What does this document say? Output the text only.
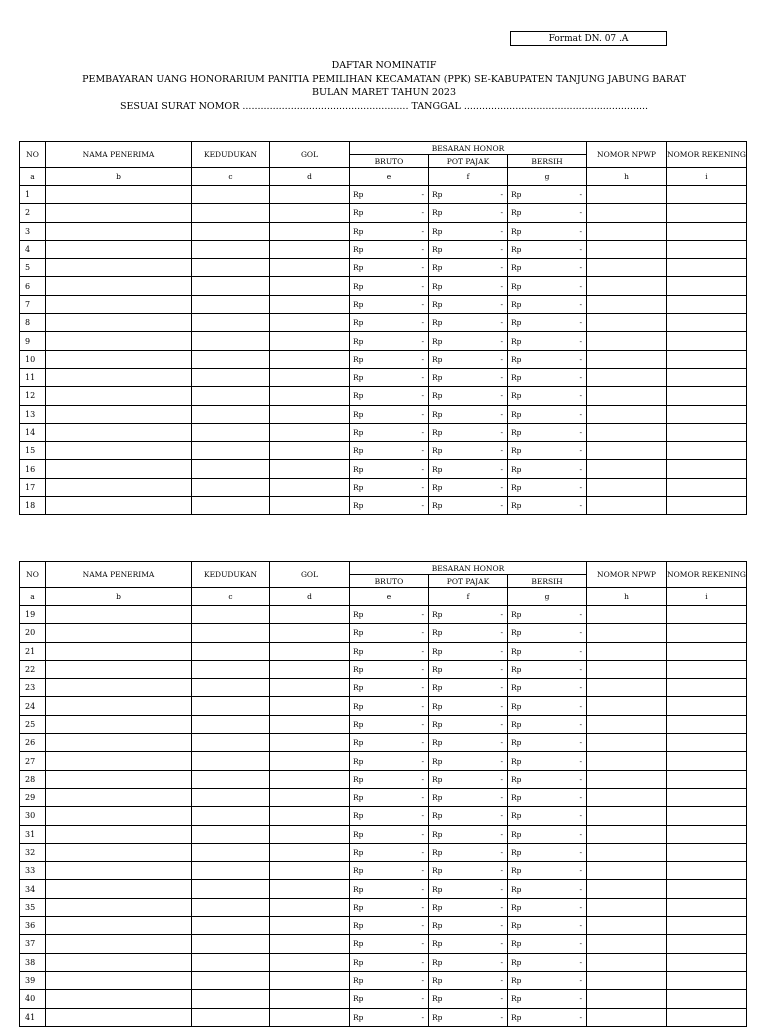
Format DN. 07 .A
DAFTAR NOMINATIF
PEMBAYARAN UANG HONORARIUM PANITIA PEMILIHAN KECAMATAN (PPK) SE-KABUPATEN TANJUNG JABUNG BARAT
BULAN MARET TAHUN 2023
SESUAI SURAT NOMOR ....................................................... TANGGAL .............................................................
NO	NAMA PENERIMA	KEDUDUKAN	GOL	BESARAN HONOR			NOMOR NPWP	NOMOR REKENING
				BRUTO	POT PAJAK	BERSIH		
a	b	c	d	e	f	g	h	i
1				Rp -	Rp -	Rp -		

2				Rp -	Rp -	Rp -		

3				Rp -	Rp -	Rp -		

4				Rp -	Rp -	Rp -		

5				Rp -	Rp -	Rp -		

6				Rp -	Rp -	Rp -		

7				Rp -	Rp -	Rp -		

8				Rp -	Rp -	Rp -		

9				Rp -	Rp -	Rp -		

10				Rp -	Rp -	Rp -		

11				Rp -	Rp -	Rp -		

12				Rp -	Rp -	Rp -		

13				Rp -	Rp -	Rp -		

14				Rp -	Rp -	Rp -		

15				Rp -	Rp -	Rp -		

16				Rp -	Rp -	Rp -		

17				Rp -	Rp -	Rp -		

18				Rp -	Rp -	Rp -		

NO	NAMA PENERIMA	KEDUDUKAN	GOL	BESARAN HONOR			NOMOR NPWP	NOMOR REKENING
				BRUTO	POT PAJAK	BERSIH		
a	b	c	d	e	f	g	h	i
19				Rp -	Rp -	Rp -		

20				Rp -	Rp -	Rp -		

21				Rp -	Rp -	Rp -		

22				Rp -	Rp -	Rp -		

23				Rp -	Rp -	Rp -		

24				Rp -	Rp -	Rp -		

25				Rp -	Rp -	Rp -		

26				Rp -	Rp -	Rp -		

27				Rp -	Rp -	Rp -		

28				Rp -	Rp -	Rp -		

29				Rp -	Rp -	Rp -		

30				Rp -	Rp -	Rp -		

31				Rp -	Rp -	Rp -		

32				Rp -	Rp -	Rp -		

33				Rp -	Rp -	Rp -		

34				Rp -	Rp -	Rp -		

35				Rp -	Rp -	Rp -		

36				Rp -	Rp -	Rp -		

37				Rp -	Rp -	Rp -		

38				Rp -	Rp -	Rp -		

39				Rp -	Rp -	Rp -		

40				Rp -	Rp -	Rp -		

41				Rp -	Rp -	Rp -		
